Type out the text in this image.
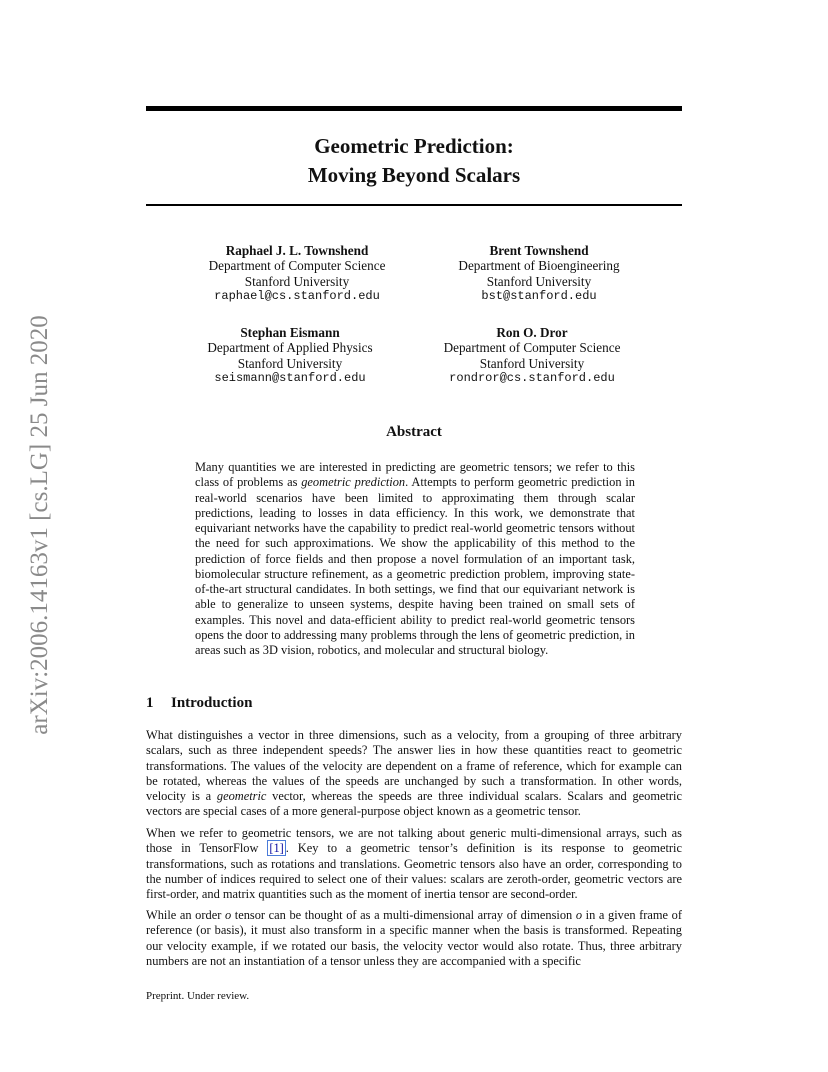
arXiv:2006.14163v1 [cs.LG] 25 Jun 2020
Geometric Prediction:
Moving Beyond Scalars
Raphael J. L. Townshend
Department of Computer Science
Stanford University
raphael@cs.stanford.edu
Brent Townshend
Department of Bioengineering
Stanford University
bst@stanford.edu
Stephan Eismann
Department of Applied Physics
Stanford University
seismann@stanford.edu
Ron O. Dror
Department of Computer Science
Stanford University
rondror@cs.stanford.edu
Abstract
Many quantities we are interested in predicting are geometric tensors; we refer to this class of problems as geometric prediction. Attempts to perform geometric prediction in real-world scenarios have been limited to approximating them through scalar predictions, leading to losses in data efficiency. In this work, we demonstrate that equivariant networks have the capability to predict real-world geometric tensors without the need for such approximations. We show the applicability of this method to the prediction of force fields and then propose a novel formulation of an important task, biomolecular structure refinement, as a geometric prediction problem, improving state-of-the-art structural candidates. In both settings, we find that our equivariant network is able to generalize to unseen systems, despite having been trained on small sets of examples. This novel and data-efficient ability to predict real-world geometric tensors opens the door to addressing many problems through the lens of geometric prediction, in areas such as 3D vision, robotics, and molecular and structural biology.
1 Introduction
What distinguishes a vector in three dimensions, such as a velocity, from a grouping of three arbitrary scalars, such as three independent speeds? The answer lies in how these quantities react to geometric transformations. The values of the velocity are dependent on a frame of reference, which for example can be rotated, whereas the values of the speeds are unchanged by such a transformation. In other words, velocity is a geometric vector, whereas the speeds are three individual scalars. Scalars and geometric vectors are special cases of a more general-purpose object known as a geometric tensor.
When we refer to geometric tensors, we are not talking about generic multi-dimensional arrays, such as those in TensorFlow [1] . Key to a geometric tensor’s definition is its response to geometric transformations, such as rotations and translations. Geometric tensors also have an order, corresponding to the number of indices required to select one of their values: scalars are zeroth-order, geometric vectors are first-order, and matrix quantities such as the moment of inertia tensor are second-order.
While an order o tensor can be thought of as a multi-dimensional array of dimension o in a given frame of reference (or basis), it must also transform in a specific manner when the basis is transformed. Repeating our velocity example, if we rotated our basis, the velocity vector would also rotate. Thus, three arbitrary numbers are not an instantiation of a tensor unless they are accompanied with a specific
Preprint. Under review.
